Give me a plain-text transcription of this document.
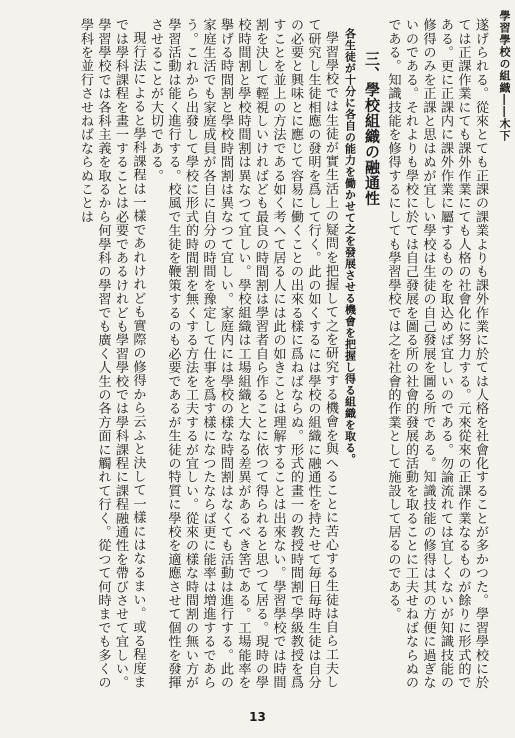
學習學校の組織――木下

遂げられる。從來とても正課の課業よりも課外作業に於ては人格を社會化することが多かつた。學習學校に於ては正課作業にても課外作業にても人格の社會化に努力する。元來從來の正課作業なるものが餘りに形式的である。更に正課内に課外作業に屬するものを取込めば宜しいのである。勿論流れては宜しくないが知識技能の修得のみを正課と思はぬが宜しい學校は生徒の自己發展を圖る所である。知識技能の修得は其の方便に過ぎないのである。それよりも學校に於ては自己發展を圖る所の社會的發展的活動を取ることに工夫せねばならぬのである。知識技能を修得するにしても學習學校では之を社會的作業として施設して居るのである。

三、學校組織の融通性
各生徒が十分に各自の能力を働かせて之を發展させる機會を把握し得る組織を取る。

學習學校では生徒が實生活上の疑問を把握して之を研究する機會を與へることに苦心する生徒は自ら工夫して研究し生徒相應の發明を爲して行く。此の如くするには學校の組織に融通性を持たせて毎日毎時生徒は自分の必要と興味とに應じて容易に働くことの出來る樣に爲ねばならぬ。形式的畫一の教授時間割で學級教授を爲すことを並上の方法である如く考へて居る人には此の如きことは理解することは出來ない。學習學校では時間割を決して輕視しいければども最良の時間割は學習者自ら作ることに依つて得られると思つて居る。現時の學校時間割と學校時間割は異なつて宜しい。學校組織は工場組織と大なる差異があるべき筈である。工場能率を擧げる時間割と學校時間割は異なつて宜しい。家庭内には學校の樣な時間割はなくても活動は進行する。此の家庭生活でも家庭成員が各自に自分の時間を豫定して仕事を爲す樣になつたならば更に能率は増進するであらう。これから出發して學校に形式的時間割を無くする方法を工夫するが宜しい。從來の樣な時間割の無い方が學習活動は能く進行する。校風で生徒を鞭策するのも必要であるが生徒の特質に學校を適應させて個性を發揮させることが大切である。

現行法によると學科課程は一樣であれけれども實際の修得から云ふと決して一樣にはなるまい。或る程度までは學科課程を畫一することは必要であるけれども學習學校では學科課程に課程融通性を帶びさせて宜しい。學習學校では各科主義を取るから何學科の學習でも廣く人生の各方面に觸れて行く。從つて何時までも多くの學科を並行させねばならぬことは

13
